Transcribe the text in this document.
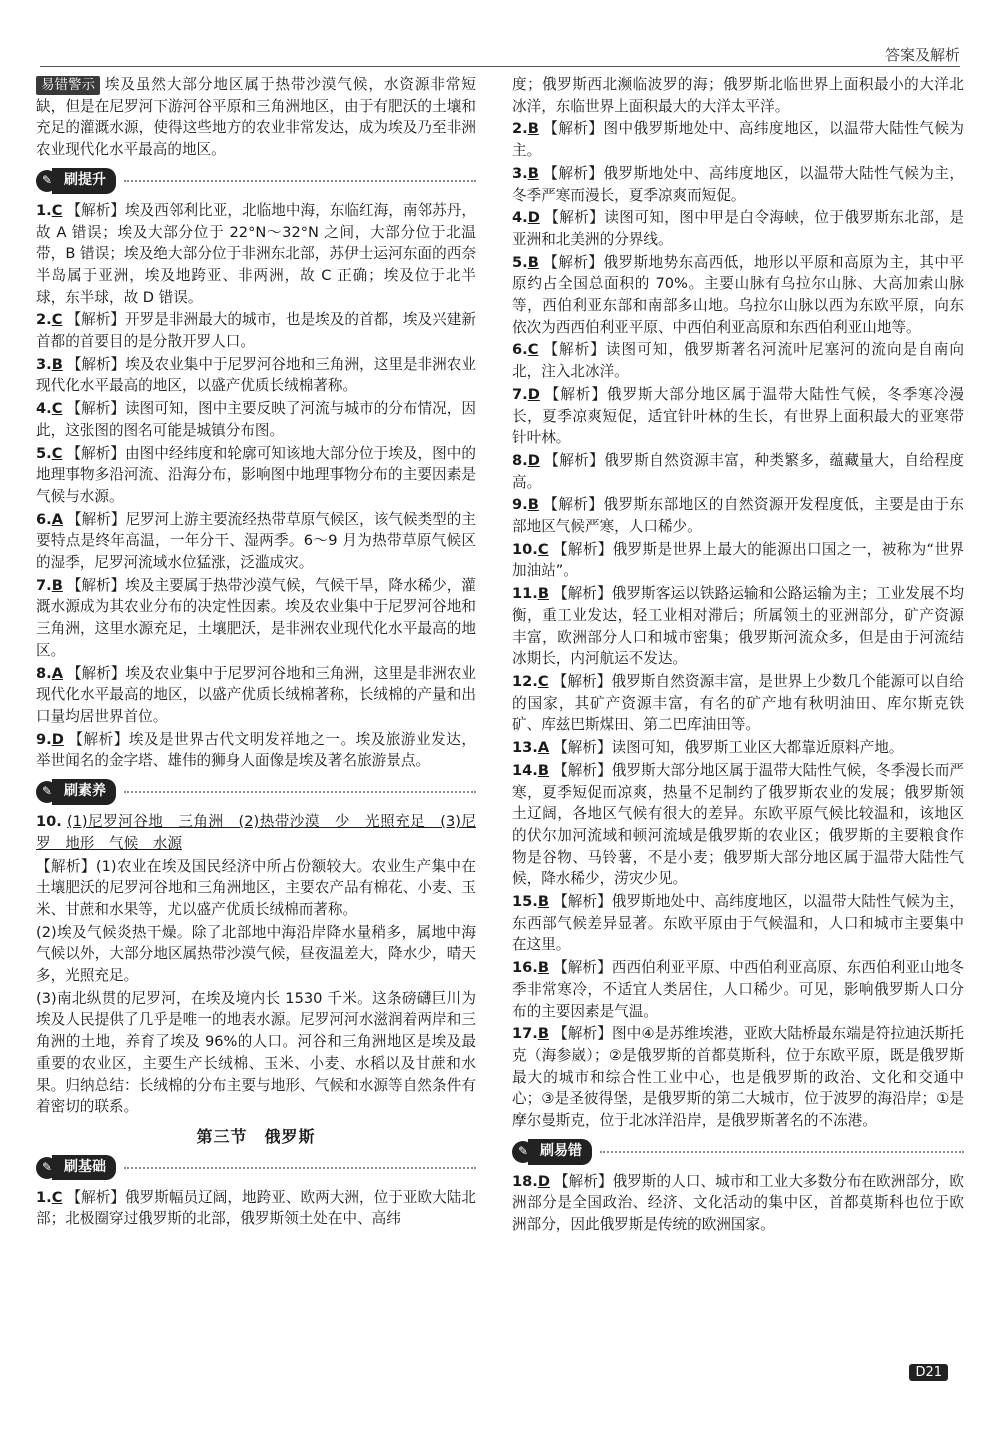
答案及解析
易错警示 埃及虽然大部分地区属于热带沙漠气候，水资源非常短缺，但是在尼罗河下游河谷平原和三角洲地区，由于有肥沃的土壤和充足的灌溉水源，使得这些地方的农业非常发达，成为埃及乃至非洲农业现代化水平最高的地区。
✎ 刷提升
1.C 【解析】埃及西邻利比亚，北临地中海，东临红海，南邻苏丹，故 A 错误；埃及大部分位于 22°N～32°N 之间，大部分位于北温带，B 错误；埃及绝大部分位于非洲东北部，苏伊士运河东面的西奈半岛属于亚洲，埃及地跨亚、非两洲，故 C 正确；埃及位于北半球，东半球，故 D 错误。
2.C 【解析】开罗是非洲最大的城市，也是埃及的首都，埃及兴建新首都的首要目的是分散开罗人口。
3.B 【解析】埃及农业集中于尼罗河谷地和三角洲，这里是非洲农业现代化水平最高的地区，以盛产优质长绒棉著称。
4.C 【解析】读图可知，图中主要反映了河流与城市的分布情况，因此，这张图的图名可能是城镇分布图。
5.C 【解析】由图中经纬度和轮廓可知该地大部分位于埃及，图中的地理事物多沿河流、沿海分布，影响图中地理事物分布的主要因素是气候与水源。
6.A 【解析】尼罗河上游主要流经热带草原气候区，该气候类型的主要特点是终年高温，一年分干、湿两季。6～9 月为热带草原气候区的湿季，尼罗河流域水位猛涨，泛滥成灾。
7.B 【解析】埃及主要属于热带沙漠气候，气候干旱，降水稀少，灌溉水源成为其农业分布的决定性因素。埃及农业集中于尼罗河谷地和三角洲，这里水源充足，土壤肥沃，是非洲农业现代化水平最高的地区。
8.A 【解析】埃及农业集中于尼罗河谷地和三角洲，这里是非洲农业现代化水平最高的地区，以盛产优质长绒棉著称，长绒棉的产量和出口量均居世界首位。
9.D 【解析】埃及是世界古代文明发祥地之一。埃及旅游业发达，举世闻名的金字塔、雄伟的狮身人面像是埃及著名旅游景点。
✎ 刷素养
10. (1)尼罗河谷地　三角洲　(2)热带沙漠　少　光照充足　(3)尼罗　地形　气候　水源
【解析】(1)农业在埃及国民经济中所占份额较大。农业生产集中在土壤肥沃的尼罗河谷地和三角洲地区，主要农产品有棉花、小麦、玉米、甘蔗和水果等，尤以盛产优质长绒棉而著称。
(2)埃及气候炎热干燥。除了北部地中海沿岸降水量稍多，属地中海气候以外，大部分地区属热带沙漠气候，昼夜温差大，降水少，晴天多，光照充足。
(3)南北纵贯的尼罗河，在埃及境内长 1530 千米。这条磅礴巨川为埃及人民提供了几乎是唯一的地表水源。尼罗河河水滋润着两岸和三角洲的土地，养育了埃及 96%的人口。河谷和三角洲地区是埃及最重要的农业区，主要生产长绒棉、玉米、小麦、水稻以及甘蔗和水果。归纳总结：长绒棉的分布主要与地形、气候和水源等自然条件有着密切的联系。
第三节　俄罗斯
✎ 刷基础
1.C 【解析】俄罗斯幅员辽阔，地跨亚、欧两大洲，位于亚欧大陆北部；北极圈穿过俄罗斯的北部，俄罗斯领土处在中、高纬
度；俄罗斯西北濒临波罗的海；俄罗斯北临世界上面积最小的大洋北冰洋，东临世界上面积最大的大洋太平洋。
2.B 【解析】图中俄罗斯地处中、高纬度地区，以温带大陆性气候为主。
3.B 【解析】俄罗斯地处中、高纬度地区，以温带大陆性气候为主，冬季严寒而漫长，夏季凉爽而短促。
4.D 【解析】读图可知，图中甲是白令海峡，位于俄罗斯东北部，是亚洲和北美洲的分界线。
5.B 【解析】俄罗斯地势东高西低，地形以平原和高原为主，其中平原约占全国总面积的 70%。主要山脉有乌拉尔山脉、大高加索山脉等，西伯利亚东部和南部多山地。乌拉尔山脉以西为东欧平原，向东依次为西西伯利亚平原、中西伯利亚高原和东西伯利亚山地等。
6.C 【解析】读图可知，俄罗斯著名河流叶尼塞河的流向是自南向北，注入北冰洋。
7.D 【解析】俄罗斯大部分地区属于温带大陆性气候，冬季寒冷漫长，夏季凉爽短促，适宜针叶林的生长，有世界上面积最大的亚寒带针叶林。
8.D 【解析】俄罗斯自然资源丰富，种类繁多，蕴藏量大，自给程度高。
9.B 【解析】俄罗斯东部地区的自然资源开发程度低，主要是由于东部地区气候严寒，人口稀少。
10.C 【解析】俄罗斯是世界上最大的能源出口国之一，被称为“世界加油站”。
11.B 【解析】俄罗斯客运以铁路运输和公路运输为主；工业发展不均衡，重工业发达，轻工业相对滞后；所属领土的亚洲部分，矿产资源丰富，欧洲部分人口和城市密集；俄罗斯河流众多，但是由于河流结冰期长，内河航运不发达。
12.C 【解析】俄罗斯自然资源丰富，是世界上少数几个能源可以自给的国家，其矿产资源丰富，有名的矿产地有秋明油田、库尔斯克铁矿、库兹巴斯煤田、第二巴库油田等。
13.A 【解析】读图可知，俄罗斯工业区大都靠近原料产地。
14.B 【解析】俄罗斯大部分地区属于温带大陆性气候，冬季漫长而严寒，夏季短促而凉爽，热量不足制约了俄罗斯农业的发展；俄罗斯领土辽阔，各地区气候有很大的差异。东欧平原气候比较温和，该地区的伏尔加河流域和顿河流域是俄罗斯的农业区；俄罗斯的主要粮食作物是谷物、马铃薯，不是小麦；俄罗斯大部分地区属于温带大陆性气候，降水稀少，涝灾少见。
15.B 【解析】俄罗斯地处中、高纬度地区，以温带大陆性气候为主，东西部气候差异显著。东欧平原由于气候温和，人口和城市主要集中在这里。
16.B 【解析】西西伯利亚平原、中西伯利亚高原、东西伯利亚山地冬季非常寒冷，不适宜人类居住，人口稀少。可见，影响俄罗斯人口分布的主要因素是气温。
17.B 【解析】图中④是苏维埃港，亚欧大陆桥最东端是符拉迪沃斯托克（海参崴）；②是俄罗斯的首都莫斯科，位于东欧平原，既是俄罗斯最大的城市和综合性工业中心，也是俄罗斯的政治、文化和交通中心；③是圣彼得堡，是俄罗斯的第二大城市，位于波罗的海沿岸；①是摩尔曼斯克，位于北冰洋沿岸，是俄罗斯著名的不冻港。
✎ 刷易错
18.D 【解析】俄罗斯的人口、城市和工业大多数分布在欧洲部分，欧洲部分是全国政治、经济、文化活动的集中区，首都莫斯科也位于欧洲部分，因此俄罗斯是传统的欧洲国家。
D21
